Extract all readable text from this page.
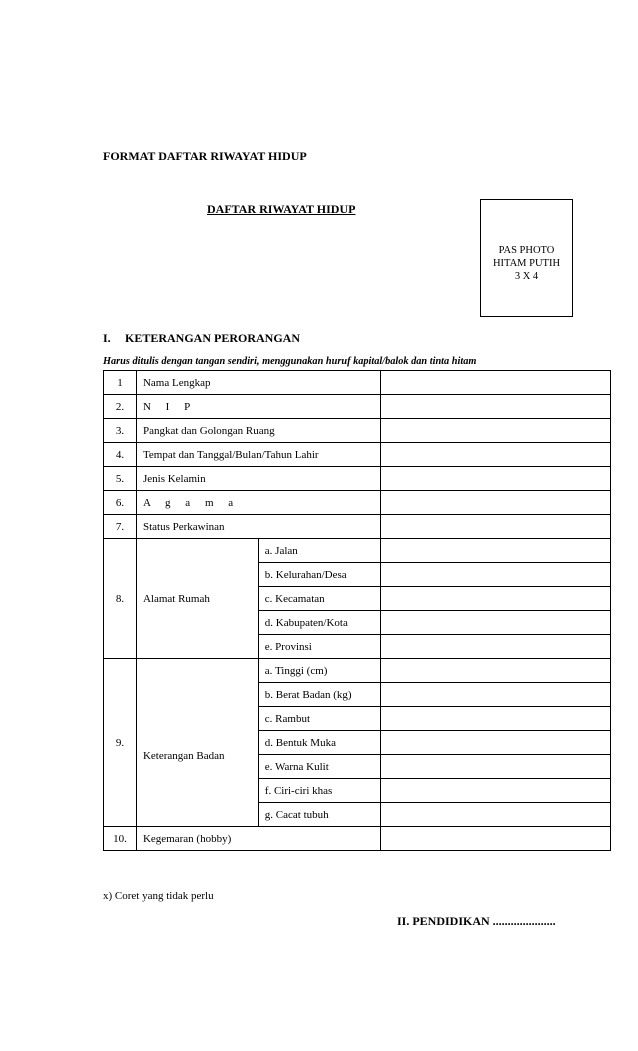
FORMAT DAFTAR RIWAYAT HIDUP
DAFTAR RIWAYAT HIDUP
PAS PHOTO
HITAM PUTIH
3 X 4
I. KETERANGAN PERORANGAN
Harus ditulis dengan tangan sendiri, menggunakan huruf kapital/balok dan tinta hitam
1	Nama Lengkap		
2.	N I P		
3.	Pangkat dan Golongan Ruang		
4.	Tempat dan Tanggal/Bulan/Tahun Lahir		
5.	Jenis Kelamin		
6.	A g a m a		
7.	Status Perkawinan		
8.	Alamat Rumah	a. Jalan	
		b. Kelurahan/Desa	
		c. Kecamatan	
		d. Kabupaten/Kota	
		e. Provinsi	
9.	Keterangan Badan	a. Tinggi (cm)	
		b. Berat Badan (kg)	
		c. Rambut	
		d. Bentuk Muka	
		e. Warna Kulit	
		f. Ciri-ciri khas	
		g. Cacat tubuh	
10.	Kegemaran (hobby)		
x) Coret yang tidak perlu
II. PENDIDIKAN .....................
